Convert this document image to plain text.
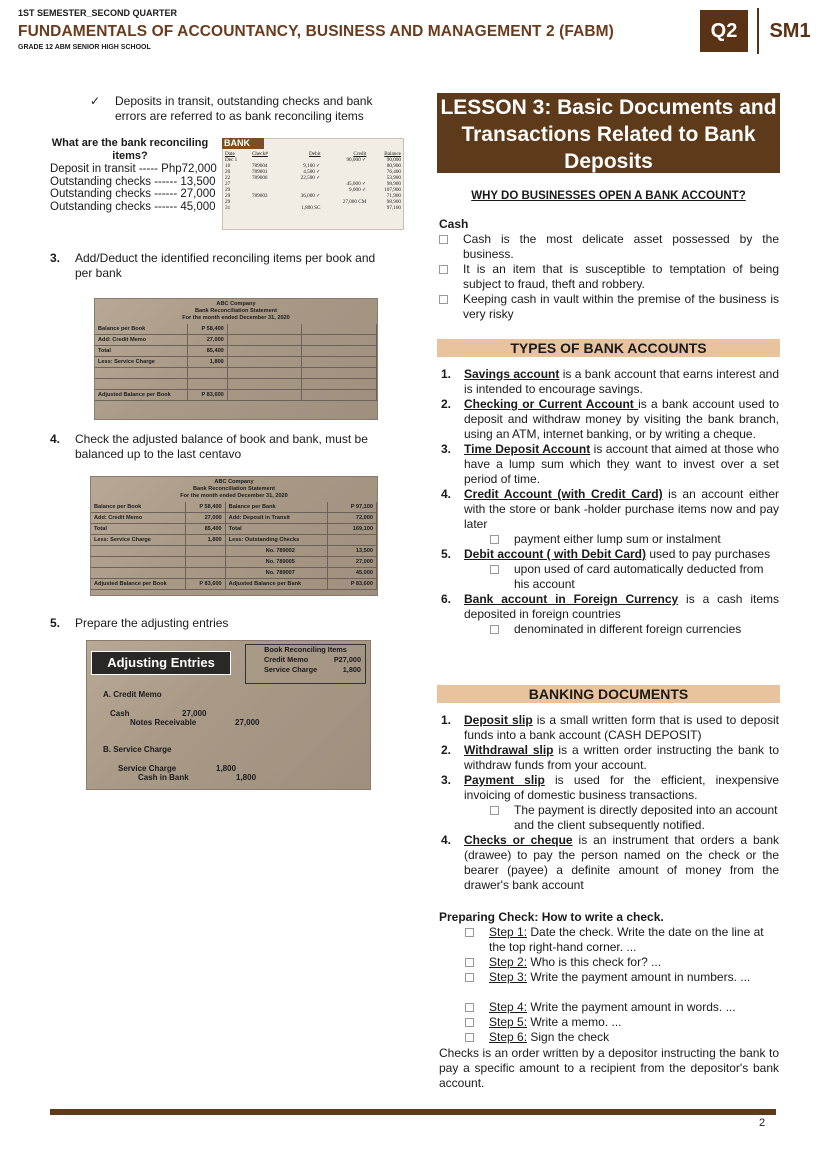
1ST SEMESTER_SECOND QUARTER
FUNDAMENTALS OF ACCOUNTANCY, BUSINESS AND MANAGEMENT 2 (FABM)
GRADE 12 ABM SENIOR HIGH SCHOOL
Q2	SM1
✓ Deposits in transit, outstanding checks and bank errors are referred to as bank reconciling items
What are the bank reconciling items?
Deposit in transit ----- Php72,000
Outstanding checks ------ 13,500
Outstanding checks ------ 27,000
Outstanding checks ------ 45,000
Date	Check#	Debit	Credit	Balance
Dec 1			90,000 ✓	90,000
10	789004	9,100 ✓		80,900
20	789001	4,500 ✓		76,400
22	789006	22,500 ✓		53,900
27			45,000 ✓	98,900
29			9,000 ✓	107,900
29	789003	36,000 ✓		71,900
29			27,000 CM	98,900
31		1,800 SC		97,100
BANK
3. Add/Deduct the identified reconciling items per book and per bank
ABC Company
Bank Reconciliation Statement
For the month ended December 31, 2020
Balance per Book	P 58,400		
Add: Credit Memo	27,000		
Total	85,400		
Less: Service Charge	1,800		

Adjusted Balance per Book	P 83,600		
4. Check the adjusted balance of book and bank, must be balanced up to the last centavo
ABC Company
Bank Reconciliation Statement
For the month ended December 31, 2020
Balance per Book	P 58,400	Balance per Bank	P 97,100
Add: Credit Memo	27,000	Add: Deposit in Transit	72,000
Total	85,400	Total	169,100
Less: Service Charge	1,800	Less: Outstanding Checks	
		No. 789002	13,500
		No. 789005	27,000
		No. 789007	45,000
Adjusted Balance per Book	P 83,600	Adjusted Balance per Bank	P 83,600
5. Prepare the adjusting entries
Adjusting Entries
Book Reconciling Items
Credit Memo	P27,000
Service Charge	1,800
A. Credit Memo
Cash	27,000
Notes Receivable	27,000
B. Service Charge
Service Charge	1,800
Cash in Bank	1,800
LESSON 3: Basic Documents and Transactions Related to Bank Deposits
WHY DO BUSINESSES OPEN A BANK ACCOUNT?
Cash
Cash is the most delicate asset possessed by the business.
It is an item that is susceptible to temptation of being subject to fraud, theft and robbery.
Keeping cash in vault within the premise of the business is very risky
TYPES OF BANK ACCOUNTS
1. Savings account is a bank account that earns interest and is intended to encourage savings.
2. Checking or Current Account is a bank account used to deposit and withdraw money by visiting the bank branch, using an ATM, internet banking, or by writing a cheque.
3. Time Deposit Account is account that aimed at those who have a lump sum which they want to invest over a set period of time.
4. Credit Account (with Credit Card) is an account either with the store or bank -holder purchase items now and pay later
payment either lump sum or instalment
5. Debit account ( with Debit Card) used to pay purchases
upon used of card automatically deducted from his account
6. Bank account in Foreign Currency is a cash items deposited in foreign countries
denominated in different foreign currencies
BANKING DOCUMENTS
1. Deposit slip is a small written form that is used to deposit funds into a bank account (CASH DEPOSIT)
2. Withdrawal slip is a written order instructing the bank to withdraw funds from your account.
3. Payment slip is used for the efficient, inexpensive invoicing of domestic business transactions.
The payment is directly deposited into an account and the client subsequently notified.
4. Checks or cheque is an instrument that orders a bank (drawee) to pay the person named on the check or the bearer (payee) a definite amount of money from the drawer's bank account
Preparing Check: How to write a check.
Step 1: Date the check. Write the date on the line at the top right-hand corner. ...
Step 2: Who is this check for? ...
Step 3: Write the payment amount in numbers. ...
Step 4: Write the payment amount in words. ...
Step 5: Write a memo. ...
Step 6: Sign the check
Checks is an order written by a depositor instructing the bank to pay a specific amount to a recipient from the depositor's bank account.
2
